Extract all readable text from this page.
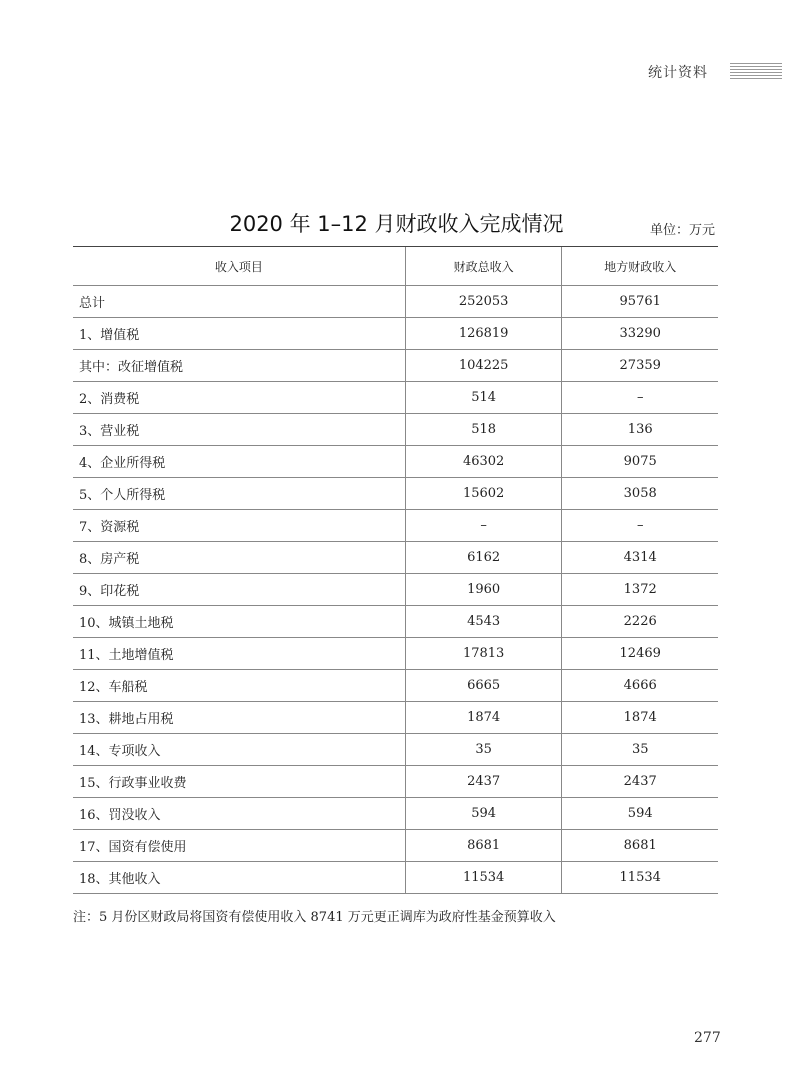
统计资料
2020 年 1–12 月财政收入完成情况	单位：万元
收入项目	财政总收入	地方财政收入
总计	252053	95761
1、增值税	126819	33290
其中：改征增值税	104225	27359
2、消费税	514	–
3、营业税	518	136
4、企业所得税	46302	9075
5、个人所得税	15602	3058
7、资源税	–	–
8、房产税	6162	4314
9、印花税	1960	1372
10、城镇土地税	4543	2226
11、土地增值税	17813	12469
12、车船税	6665	4666
13、耕地占用税	1874	1874
14、专项收入	35	35
15、行政事业收费	2437	2437
16、罚没收入	594	594
17、国资有偿使用	8681	8681
18、其他收入	11534	11534
注：5 月份区财政局将国资有偿使用收入 8741 万元更正调库为政府性基金预算收入
277
